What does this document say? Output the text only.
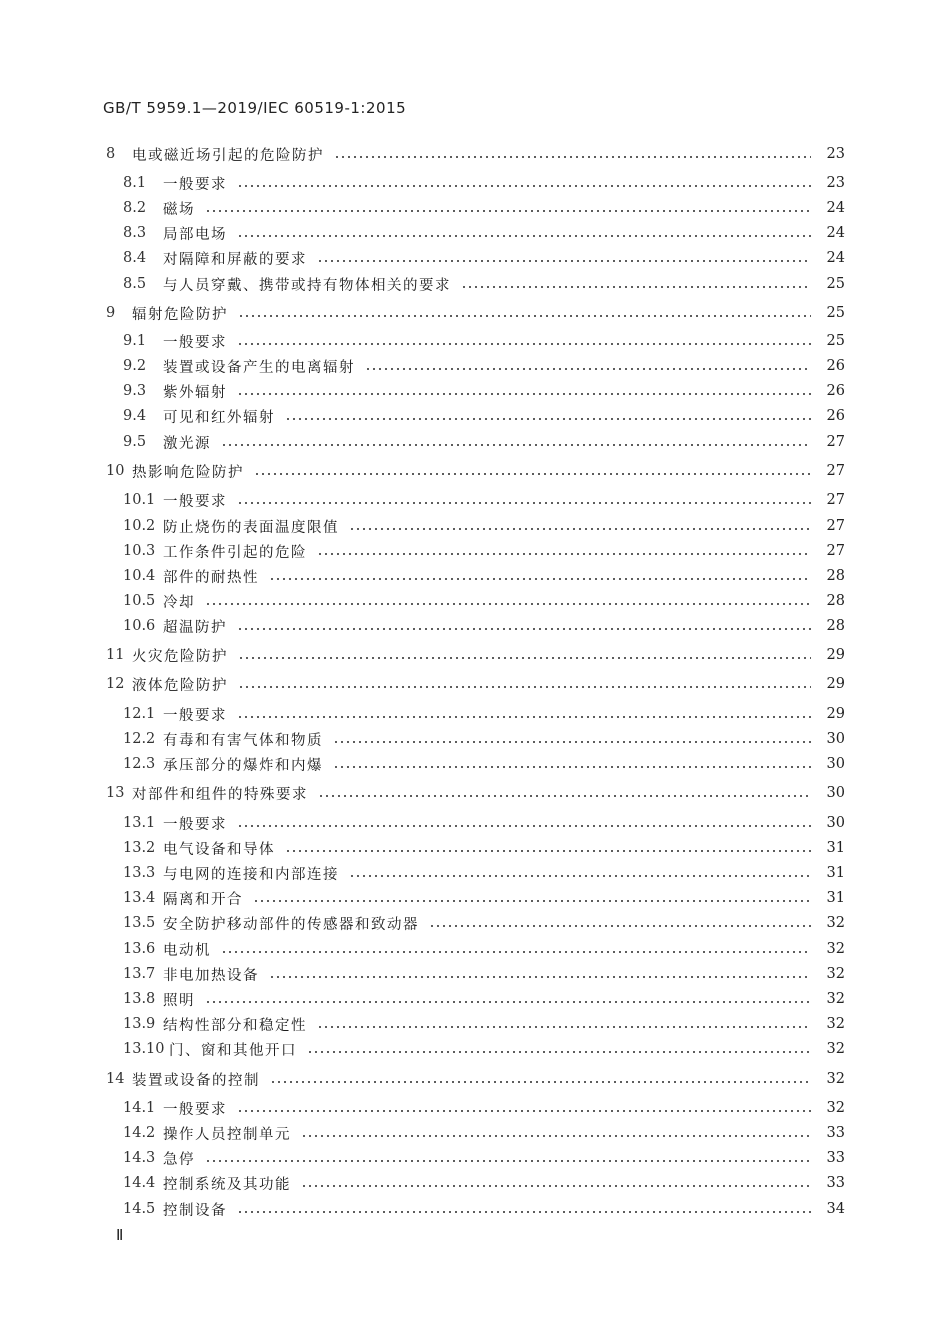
GB/T 5959.1—2019/IEC 60519-1:2015
8	电或磁近场引起的危险防护	23
8.1	一般要求	23
8.2	磁场	24
8.3	局部电场	24
8.4	对隔障和屏蔽的要求	24
8.5	与人员穿戴、携带或持有物体相关的要求	25
9	辐射危险防护	25
9.1	一般要求	25
9.2	装置或设备产生的电离辐射	26
9.3	紫外辐射	26
9.4	可见和红外辐射	26
9.5	激光源	27
10 热影响危险防护	27
10.1 一般要求	27
10.2 防止烧伤的表面温度限值	27
10.3 工作条件引起的危险	27
10.4 部件的耐热性	28
10.5 冷却	28
10.6 超温防护	28
11 火灾危险防护	29
12 液体危险防护	29
12.1 一般要求	29
12.2 有毒和有害气体和物质	30
12.3 承压部分的爆炸和内爆	30
13 对部件和组件的特殊要求	30
13.1 一般要求	30
13.2 电气设备和导体	31
13.3 与电网的连接和内部连接	31
13.4 隔离和开合	31
13.5 安全防护移动部件的传感器和致动器	32
13.6 电动机	32
13.7 非电加热设备	32
13.8 照明	32
13.9 结构性部分和稳定性	32
13.10 门、窗和其他开口	32
14 装置或设备的控制	32
14.1 一般要求	32
14.2 操作人员控制单元	33
14.3 急停	33
14.4 控制系统及其功能	33
14.5 控制设备	34
Ⅱ
